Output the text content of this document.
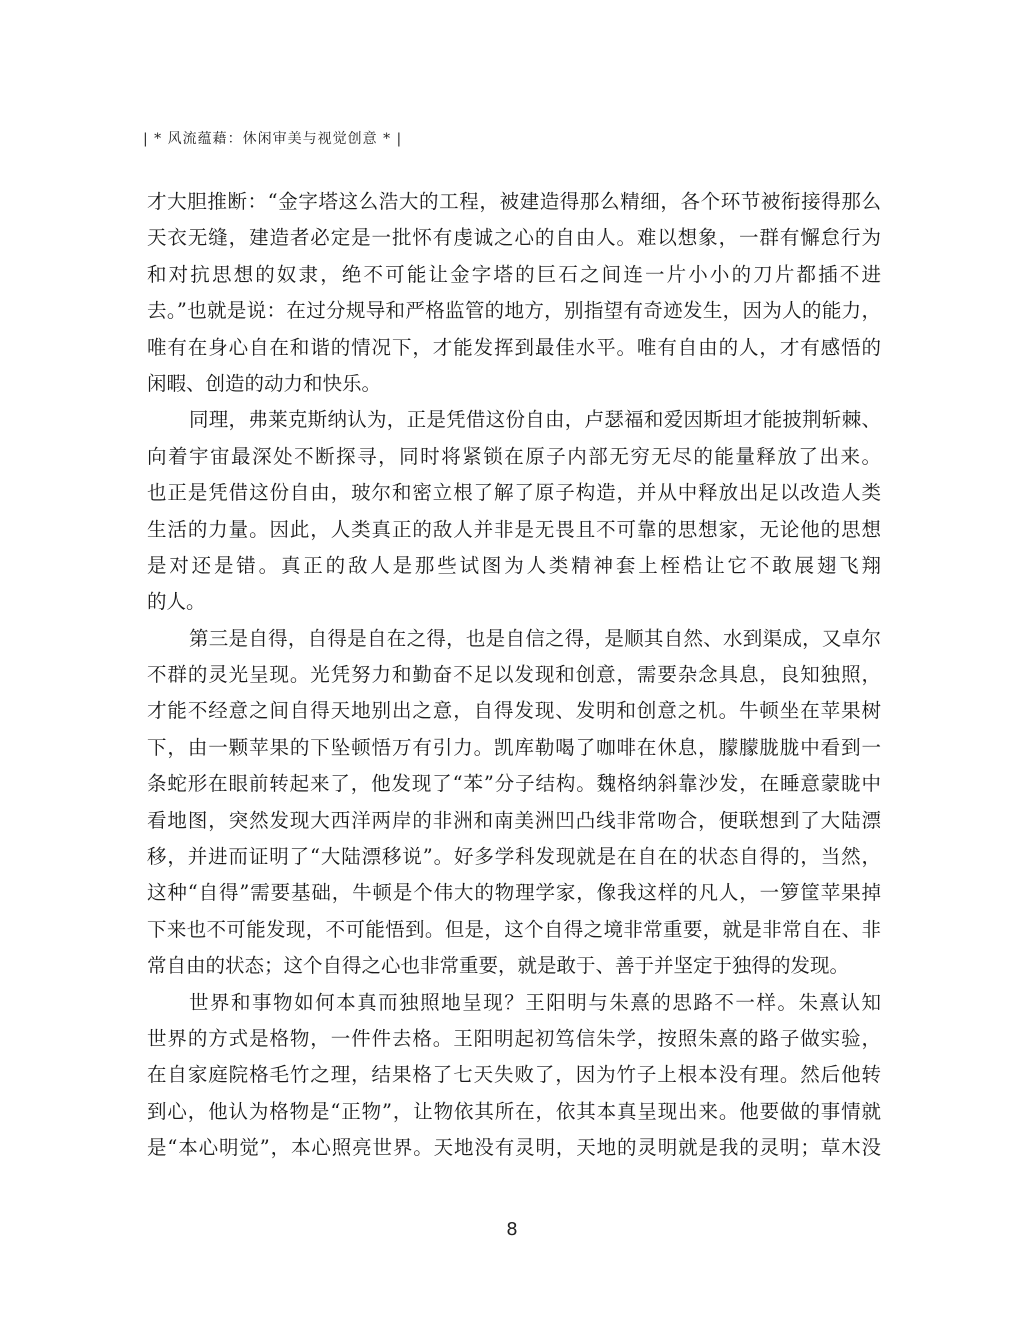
| * 风流蕴藉：休闲审美与视觉创意 * |
才大胆推断：“金字塔这么浩大的工程，被建造得那么精细，各个环节被衔接得那么
天衣无缝，建造者必定是一批怀有虔诚之心的自由人。难以想象，一群有懈怠行为
和对抗思想的奴隶，绝不可能让金字塔的巨石之间连一片小小的刀片都插不进
去。”也就是说：在过分规导和严格监管的地方，别指望有奇迹发生，因为人的能力，
唯有在身心自在和谐的情况下，才能发挥到最佳水平。唯有自由的人，才有感悟的
闲暇、创造的动力和快乐。
同理，弗莱克斯纳认为，正是凭借这份自由，卢瑟福和爱因斯坦才能披荆斩棘、
向着宇宙最深处不断探寻，同时将紧锁在原子内部无穷无尽的能量释放了出来。
也正是凭借这份自由，玻尔和密立根了解了原子构造，并从中释放出足以改造人类
生活的力量。因此，人类真正的敌人并非是无畏且不可靠的思想家，无论他的思想
是对还是错。真正的敌人是那些试图为人类精神套上桎梏让它不敢展翅飞翔
的人。
第三是自得，自得是自在之得，也是自信之得，是顺其自然、水到渠成，又卓尔
不群的灵光呈现。光凭努力和勤奋不足以发现和创意，需要杂念具息，良知独照，
才能不经意之间自得天地别出之意，自得发现、发明和创意之机。牛顿坐在苹果树
下，由一颗苹果的下坠顿悟万有引力。凯库勒喝了咖啡在休息，朦朦胧胧中看到一
条蛇形在眼前转起来了，他发现了“苯”分子结构。魏格纳斜靠沙发，在睡意蒙眬中
看地图，突然发现大西洋两岸的非洲和南美洲凹凸线非常吻合，便联想到了大陆漂
移，并进而证明了“大陆漂移说”。好多学科发现就是在自在的状态自得的，当然，
这种“自得”需要基础，牛顿是个伟大的物理学家，像我这样的凡人，一箩筐苹果掉
下来也不可能发现，不可能悟到。但是，这个自得之境非常重要，就是非常自在、非
常自由的状态；这个自得之心也非常重要，就是敢于、善于并坚定于独得的发现。
世界和事物如何本真而独照地呈现？王阳明与朱熹的思路不一样。朱熹认知
世界的方式是格物，一件件去格。王阳明起初笃信朱学，按照朱熹的路子做实验，
在自家庭院格毛竹之理，结果格了七天失败了，因为竹子上根本没有理。然后他转
到心，他认为格物是“正物”，让物依其所在，依其本真呈现出来。他要做的事情就
是“本心明觉”，本心照亮世界。天地没有灵明，天地的灵明就是我的灵明；草木没
8
